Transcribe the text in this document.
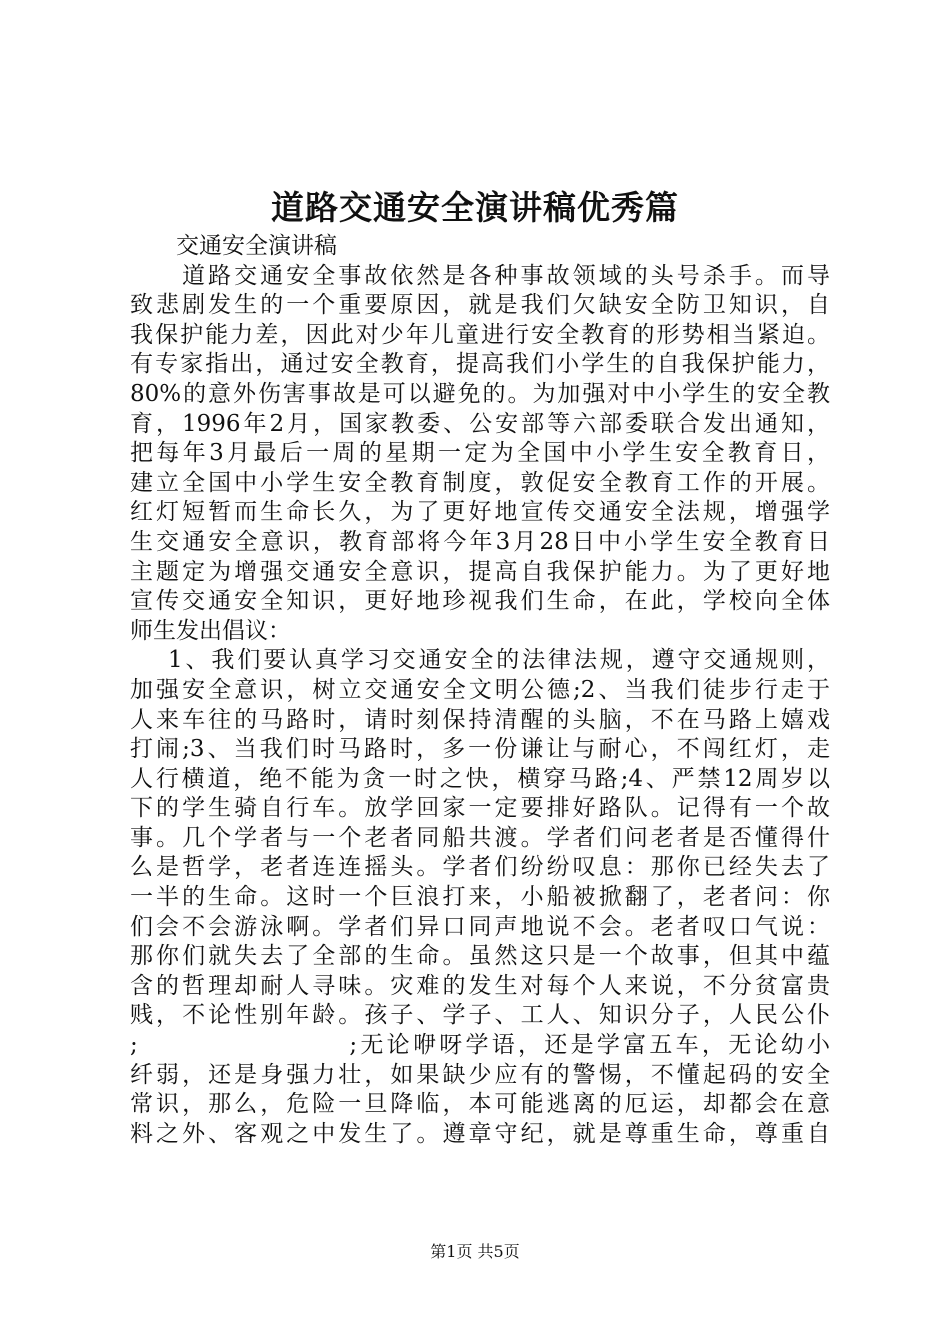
道路交通安全演讲稿优秀篇
交通安全演讲稿
道路交通安全事故依然是各种事故领域的头号杀手。而导
致悲剧发生的一个重要原因，就是我们欠缺安全防卫知识，自
我保护能力差，因此对少年儿童进行安全教育的形势相当紧迫。
有专家指出，通过安全教育，提高我们小学生的自我保护能力，
80%的意外伤害事故是可以避免的。为加强对中小学生的安全教
育，1996年2月，国家教委、公安部等六部委联合发出通知，
把每年3月最后一周的星期一定为全国中小学生安全教育日，
建立全国中小学生安全教育制度，敦促安全教育工作的开展。
红灯短暂而生命长久，为了更好地宣传交通安全法规，增强学
生交通安全意识，教育部将今年3月28日中小学生安全教育日
主题定为增强交通安全意识，提高自我保护能力。为了更好地
宣传交通安全知识，更好地珍视我们生命，在此，学校向全体
师生发出倡议：
1、我们要认真学习交通安全的法律法规，遵守交通规则，
加强安全意识，树立交通安全文明公德;2、当我们徒步行走于
人来车往的马路时，请时刻保持清醒的头脑，不在马路上嬉戏
打闹;3、当我们时马路时，多一份谦让与耐心，不闯红灯，走
人行横道，绝不能为贪一时之快，横穿马路;4、严禁12周岁以
下的学生骑自行车。放学回家一定要排好路队。记得有一个故
事。几个学者与一个老者同船共渡。学者们问老者是否懂得什
么是哲学，老者连连摇头。学者们纷纷叹息：那你已经失去了
一半的生命。这时一个巨浪打来，小船被掀翻了，老者问：你
们会不会游泳啊。学者们异口同声地说不会。老者叹口气说：
那你们就失去了全部的生命。虽然这只是一个故事，但其中蕴
含的哲理却耐人寻味。灾难的发生对每个人来说，不分贫富贵
贱，不论性别年龄。孩子、学子、工人、知识分子，人民公仆
;                    ;无论咿呀学语，还是学富五车，无论幼小
纤弱，还是身强力壮，如果缺少应有的警惕，不懂起码的安全
常识，那么，危险一旦降临，本可能逃离的厄运，却都会在意
料之外、客观之中发生了。遵章守纪，就是尊重生命，尊重自
第1页 共5页
